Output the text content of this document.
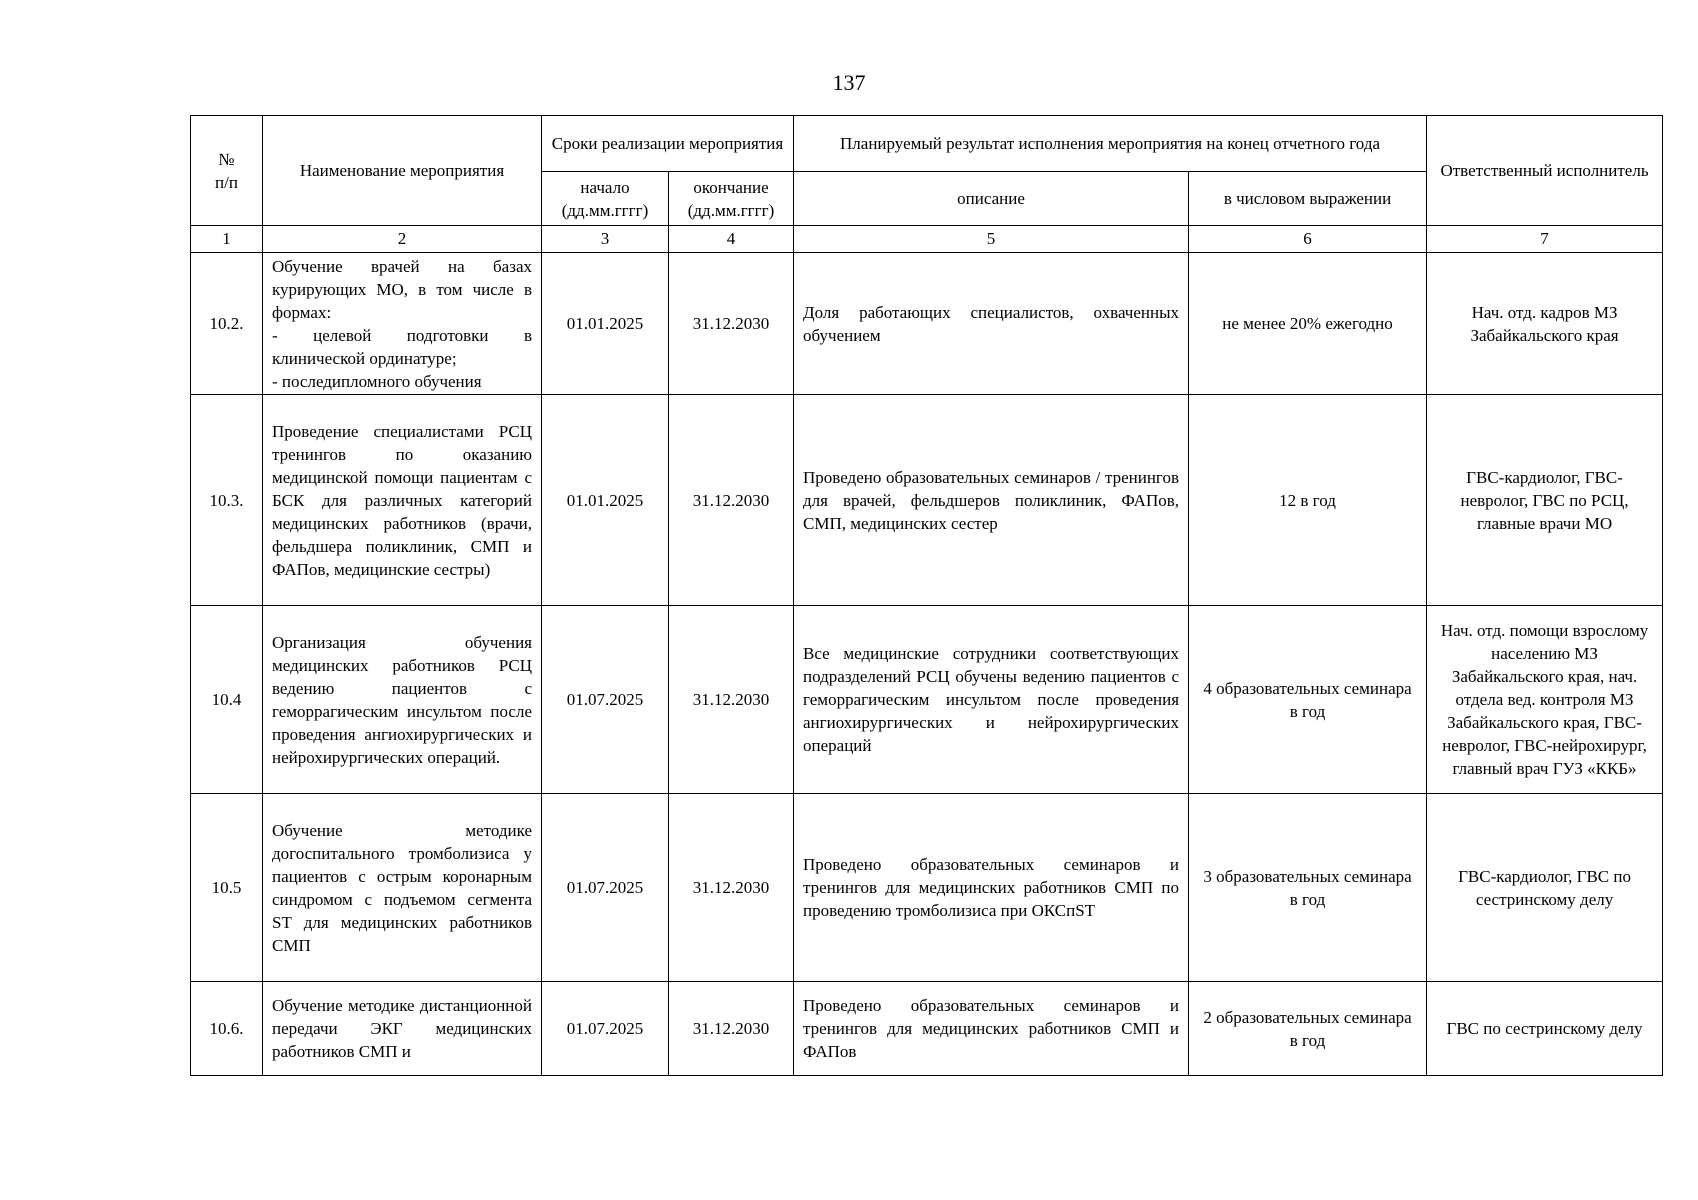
137
№
п/п	Наименование мероприятия	Сроки реализации мероприятия		Планируемый результат исполнения мероприятия на конец отчетного года		Ответственный исполнитель
		начало (дд.мм.гггг)	окончание (дд.мм.гггг)	описание	в числовом выражении	
1	2	3	4	5	6	7
10.2.	Обучение врачей на базах курирующих МО, в том числе в формах:
- целевой подготовки в клинической ординатуре;
- последипломного обучения	01.01.2025	31.12.2030	Доля работающих специалистов, охваченных обучением	не менее 20% ежегодно	Нач. отд. кадров МЗ Забайкальского края
10.3.	Проведение специалистами РСЦ тренингов по оказанию медицинской помощи пациентам с БСК для различных категорий медицинских работников (врачи, фельдшера поликлиник, СМП и ФАПов, медицинские сестры)	01.01.2025	31.12.2030	Проведено образовательных семинаров / тренингов для врачей, фельдшеров поликлиник, ФАПов, СМП, медицинских сестер	12 в год	ГВС-кардиолог, ГВС-невролог, ГВС по РСЦ, главные врачи МО
10.4	Организация обучения медицинских работников РСЦ ведению пациентов с геморрагическим инсультом после проведения ангиохирургических и нейрохирургических операций.	01.07.2025	31.12.2030	Все медицинские сотрудники соответствующих подразделений РСЦ обучены ведению пациентов с геморрагическим инсультом после проведения ангиохирургических и нейрохирургических операций	4 образовательных семинара в год	Нач. отд. помощи взрослому населению МЗ Забайкальского края, нач. отдела вед. контроля МЗ Забайкальского края, ГВС-невролог, ГВС-нейрохирург, главный врач ГУЗ «ККБ»
10.5	Обучение методике догоспитального тромболизиса у пациентов с острым коронарным синдромом с подъемом сегмента ST для медицинских работников СМП	01.07.2025	31.12.2030	Проведено образовательных семинаров и тренингов для медицинских работников СМП по проведению тромболизиса при ОКСпST	3 образовательных семинара в год	ГВС-кардиолог, ГВС по сестринскому делу
10.6.	Обучение методике дистанционной передачи ЭКГ медицинских работников СМП и	01.07.2025	31.12.2030	Проведено образовательных семинаров и тренингов для медицинских работников СМП и ФАПов	2 образовательных семинара в год	ГВС по сестринскому делу
